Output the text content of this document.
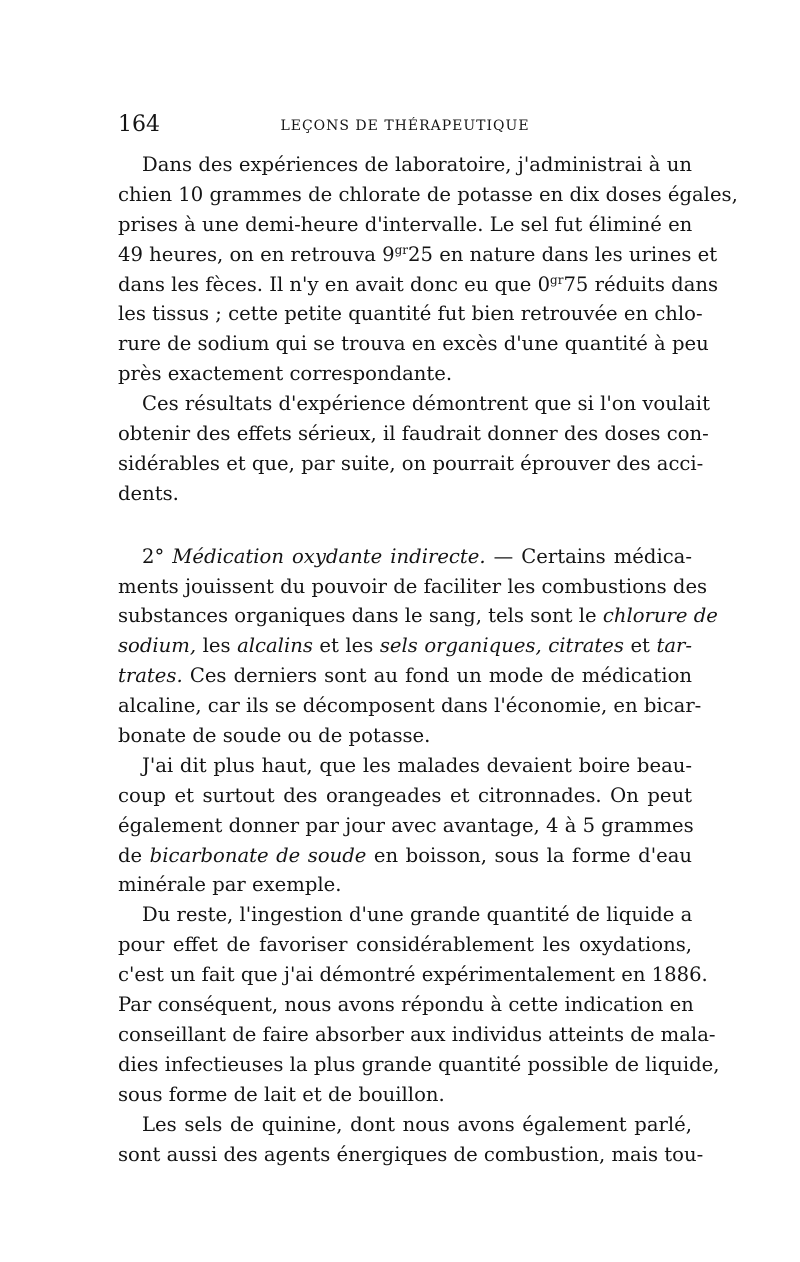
164	LEÇONS DE THÉRAPEUTIQUE
Dans des expériences de laboratoire, j'administrai à un
chien 10 grammes de chlorate de potasse en dix doses égales,
prises à une demi-heure d'intervalle. Le sel fut éliminé en
49 heures, on en retrouva $9^{gr}25$ en nature dans les urines et
dans les fèces. Il n'y en avait donc eu que $0^{gr}75$ réduits dans
les tissus ; cette petite quantité fut bien retrouvée en chlo-
rure de sodium qui se trouva en excès d'une quantité à peu
près exactement correspondante.
Ces résultats d'expérience démontrent que si l'on voulait
obtenir des effets sérieux, il faudrait donner des doses con-
sidérables et que, par suite, on pourrait éprouver des acci-
dents.
2° Médication oxydante indirecte. — Certains médica-
ments jouissent du pouvoir de faciliter les combustions des
substances organiques dans le sang, tels sont le chlorure de
sodium, les alcalins et les sels organiques, citrates et tar-
trates. Ces derniers sont au fond un mode de médication
alcaline, car ils se décomposent dans l'économie, en bicar-
bonate de soude ou de potasse.
J'ai dit plus haut, que les malades devaient boire beau-
coup et surtout des orangeades et citronnades. On peut
également donner par jour avec avantage, 4 à 5 grammes
de bicarbonate de soude en boisson, sous la forme d'eau
minérale par exemple.
Du reste, l'ingestion d'une grande quantité de liquide a
pour effet de favoriser considérablement les oxydations,
c'est un fait que j'ai démontré expérimentalement en 1886.
Par conséquent, nous avons répondu à cette indication en
conseillant de faire absorber aux individus atteints de mala-
dies infectieuses la plus grande quantité possible de liquide,
sous forme de lait et de bouillon.
Les sels de quinine, dont nous avons également parlé,
sont aussi des agents énergiques de combustion, mais tou-
